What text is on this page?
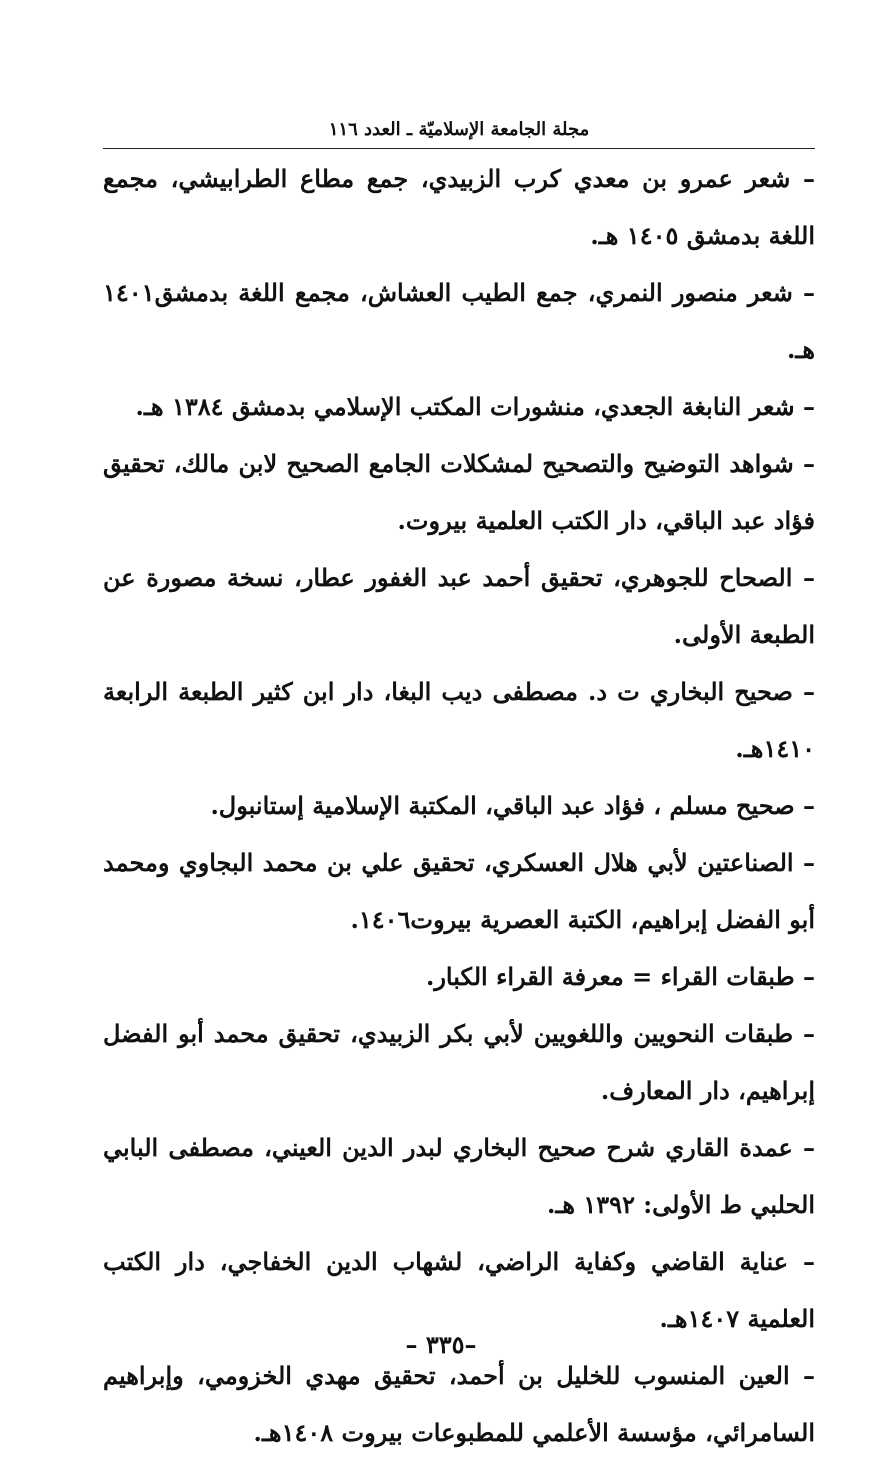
مجلة الجامعة الإسلاميّة ـ العدد ١١٦

– شعر عمرو بن معدي كرب الزبيدي، جمع مطاع الطرابيشي، مجمع اللغة بدمشق ١٤٠٥ هـ.

– شعر منصور النمري، جمع الطيب العشاش، مجمع اللغة بدمشق١٤٠١ هـ.

– شعر النابغة الجعدي، منشورات المكتب الإسلامي بدمشق ١٣٨٤ هـ.

– شواهد التوضيح والتصحيح لمشكلات الجامع الصحيح لابن مالك، تحقيق فؤاد عبد الباقي، دار الكتب العلمية بيروت.

– الصحاح للجوهري، تحقيق أحمد عبد الغفور عطار، نسخة مصورة عن الطبعة الأولى.

– صحيح البخاري ت د. مصطفى ديب البغا، دار ابن كثير الطبعة الرابعة ١٤١٠هـ.

– صحيح مسلم ، فؤاد عبد الباقي، المكتبة الإسلامية إستانبول.

– الصناعتين لأبي هلال العسكري، تحقيق علي بن محمد البجاوي ومحمد أبو الفضل إبراهيم، الكتبة العصرية بيروت١٤٠٦.

– طبقات القراء = معرفة القراء الكبار.

– طبقات النحويين واللغويين لأبي بكر الزبيدي، تحقيق محمد أبو الفضل إبراهيم، دار المعارف.

– عمدة القاري شرح صحيح البخاري لبدر الدين العيني، مصطفى البابي الحلبي ط الأولى: ١٣٩٢ هـ.

– عناية القاضي وكفاية الراضي، لشهاب الدين الخفاجي، دار الكتب العلمية ١٤٠٧هـ.

– العين المنسوب للخليل بن أحمد، تحقيق مهدي الخزومي، وإبراهيم السامرائي، مؤسسة الأعلمي للمطبوعات بيروت ١٤٠٨هـ.

–٣٣٥ –
